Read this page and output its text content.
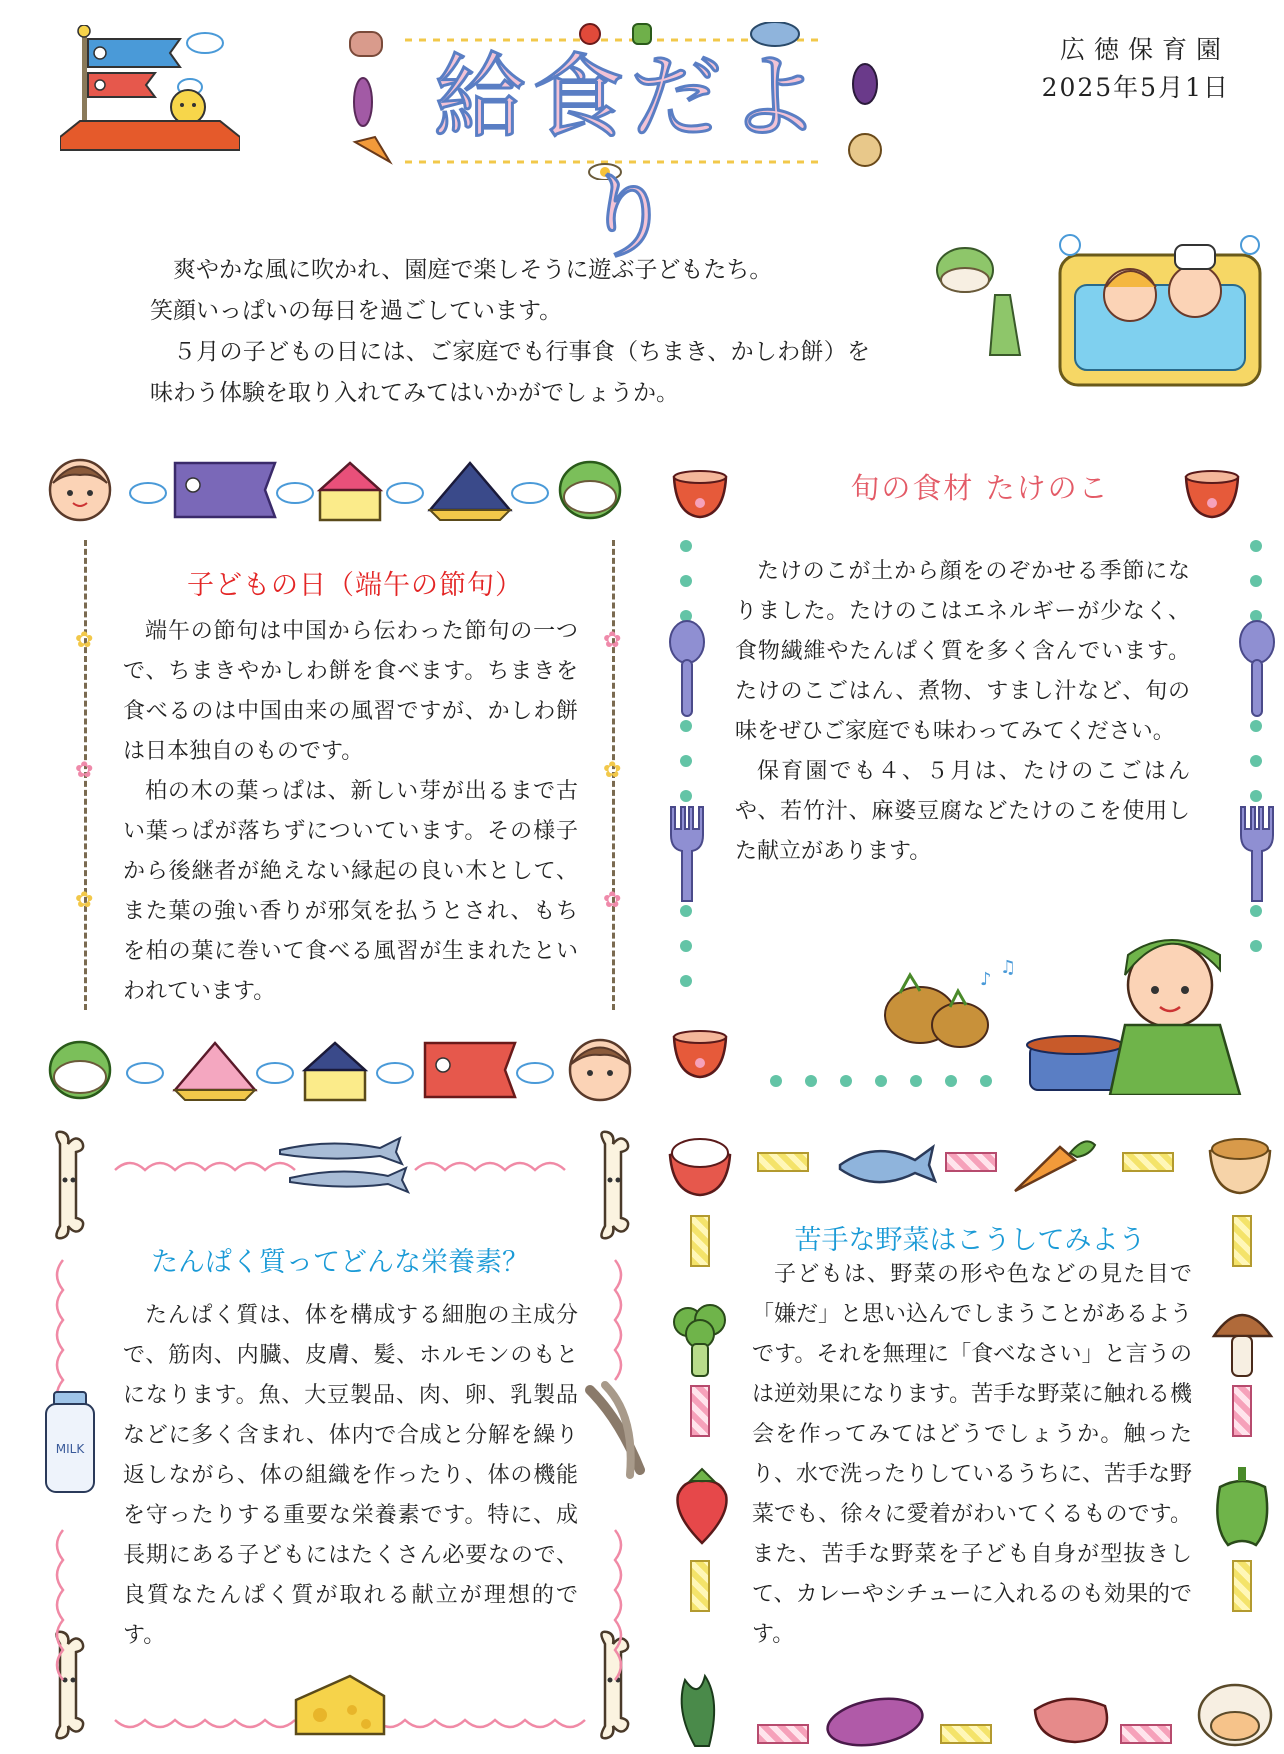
給食だより
広徳保育園
2025年5月1日

爽やかな風に吹かれ、園庭で楽しそうに遊ぶ子どもたち。

笑顔いっぱいの毎日を過ごしています。

５月の子どもの日には、ご家庭でも行事食（ちまき、かしわ餅）を味わう体験を取り入れてみてはいかがでしょうか。

✿	✿
✿	✿
✿	✿
子どもの日（端午の節句）

端午の節句は中国から伝わった節句の一つで、ちまきやかしわ餅を食べます。ちまきを食べるのは中国由来の風習ですが、かしわ餅は日本独自のものです。

柏の木の葉っぱは、新しい芽が出るまで古い葉っぱが落ちずについています。その様子から後継者が絶えない縁起の良い木として、また葉の強い香りが邪気を払うとされ、もちを柏の葉に巻いて食べる風習が生まれたといわれています。

旬の食材 たけのこ

たけのこが土から顔をのぞかせる季節になりました。たけのこはエネルギーが少なく、食物繊維やたんぱく質を多く含んでいます。たけのこごはん、煮物、すまし汁など、旬の味をぜひご家庭でも味わってみてください。

保育園でも４、５月は、たけのこごはんや、若竹汁、麻婆豆腐などたけのこを使用した献立があります。

♪
♫
MILK
たんぱく質ってどんな栄養素？

たんぱく質は、体を構成する細胞の主成分で、筋肉、内臓、皮膚、髪、ホルモンのもとになります。魚、大豆製品、肉、卵、乳製品などに多く含まれ、体内で合成と分解を繰り返しながら、体の組織を作ったり、体の機能を守ったりする重要な栄養素です。特に、成長期にある子どもにはたくさん必要なので、良質なたんぱく質が取れる献立が理想的です。

苦手な野菜はこうしてみよう

子どもは、野菜の形や色などの見た目で「嫌だ」と思い込んでしまうことがあるようです。それを無理に「食べなさい」と言うのは逆効果になります。苦手な野菜に触れる機会を作ってみてはどうでしょうか。触ったり、水で洗ったりしているうちに、苦手な野菜でも、徐々に愛着がわいてくるものです。また、苦手な野菜を子ども自身が型抜きして、カレーやシチューに入れるのも効果的です。
